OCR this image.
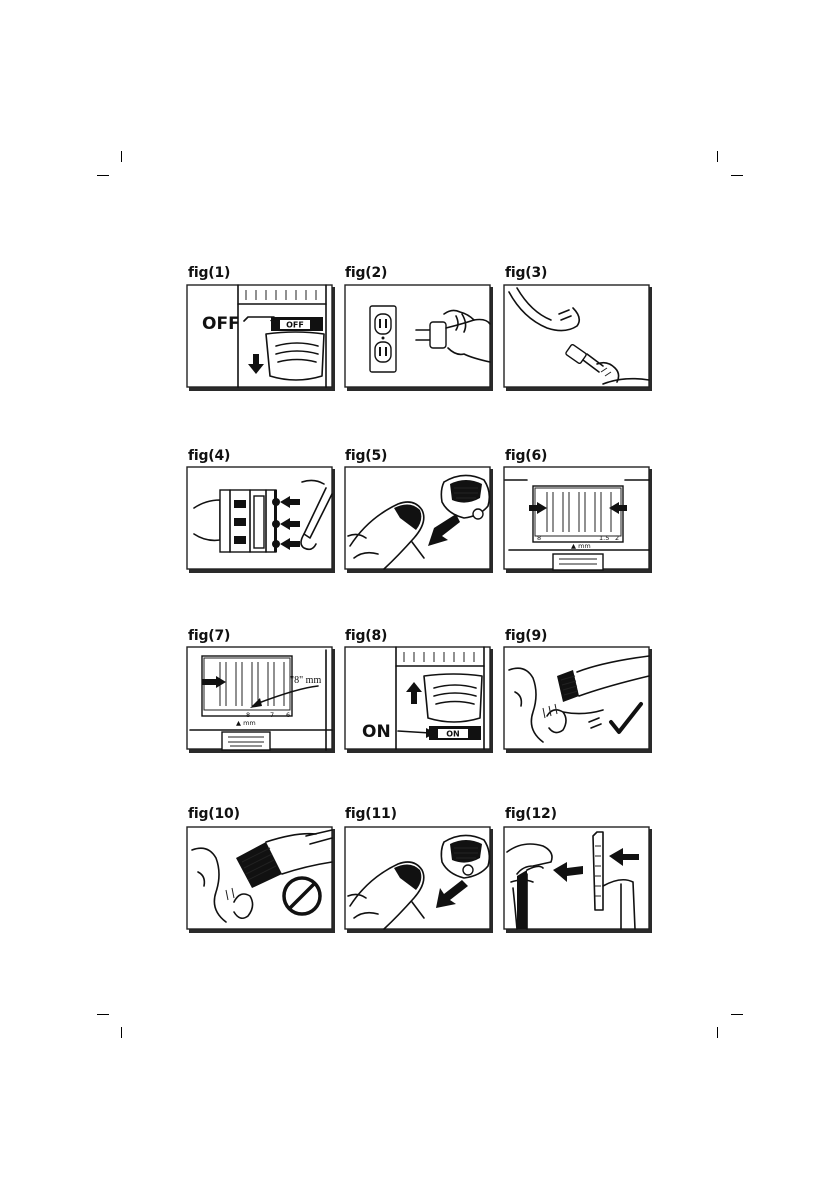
fig(1)
OFF
OFF
fig(2)	fig(3)
fig(4)	fig(5)	fig(6)
8	1.5 2
▲ mm
fig(7)
"8" mm
8	7 6
▲ mm
fig(8)
ON
ON
fig(9)
fig(10)	fig(11)	fig(12)
